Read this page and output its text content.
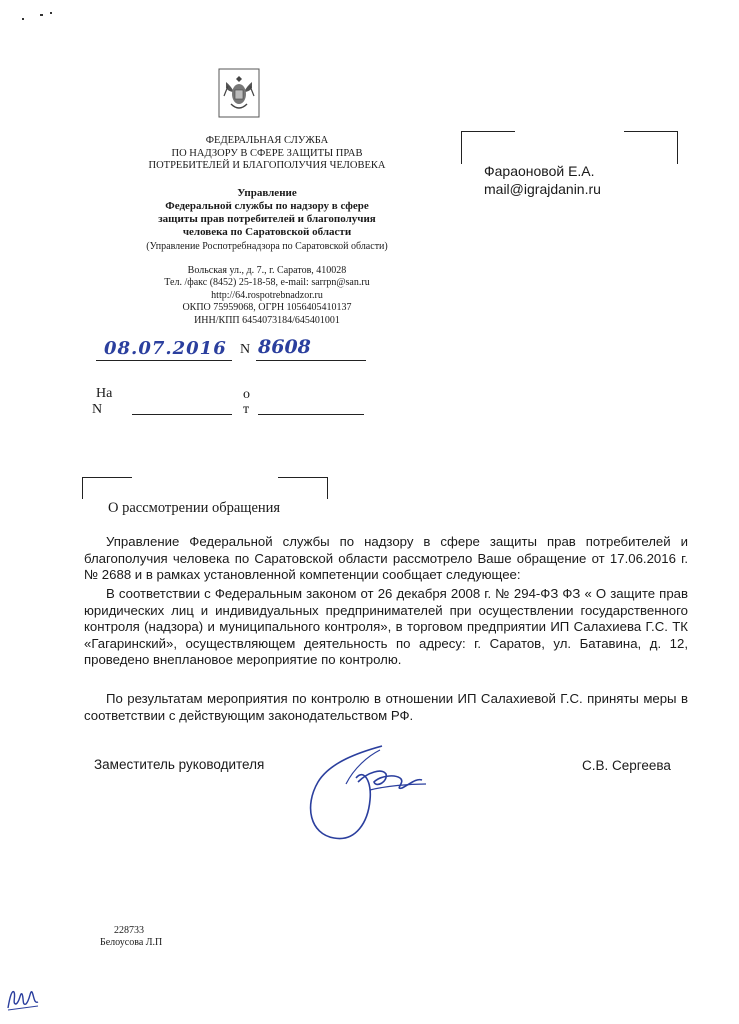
ФЕДЕРАЛЬНАЯ СЛУЖБА
ПО НАДЗОРУ В СФЕРЕ ЗАЩИТЫ ПРАВ
ПОТРЕБИТЕЛЕЙ И БЛАГОПОЛУЧИЯ ЧЕЛОВЕКА
Управление
Федеральной службы по надзору в сфере
защиты прав потребителей и благополучия
человека по Саратовской области
(Управление Роспотребнадзора по Саратовской области)
Вольская ул., д. 7., г. Саратов, 410028
Тел. /факс (8452) 25-18-58, e-mail: sarrpn@san.ru
http://64.rospotrebnadzor.ru
ОКПО 75959068, ОГРН 1056405410137
ИНН/КПП 6454073184/645401001
08.07.2016 N 8608
На
N
о
т
Фараоновой Е.А.
mail@igrajdanin.ru
О рассмотрении обращения
Управление Федеральной службы по надзору в сфере защиты прав потребителей и благополучия человека по Саратовской области рассмотрело Ваше обращение от 17.06.2016 г. № 2688 и в рамках установленной компетенции сообщает следующее:
В соответствии с Федеральным законом от 26 декабря 2008 г. № 294-ФЗ ФЗ « О защите прав юридических лиц и индивидуальных предпринимателей при осуществлении государственного контроля (надзора) и муниципального контроля», в торговом предприятии ИП Салахиева Г.С. ТК «Гагаринский», осуществляющем деятельность по адресу: г. Саратов, ул. Батавина, д. 12, проведено внеплановое мероприятие по контролю.
По результатам мероприятия по контролю в отношении ИП Салахиевой Г.С. приняты меры в соответствии с действующим законодательством РФ.
Заместитель руководителя	С.В. Сергеева
228733
Белоусова Л.П
